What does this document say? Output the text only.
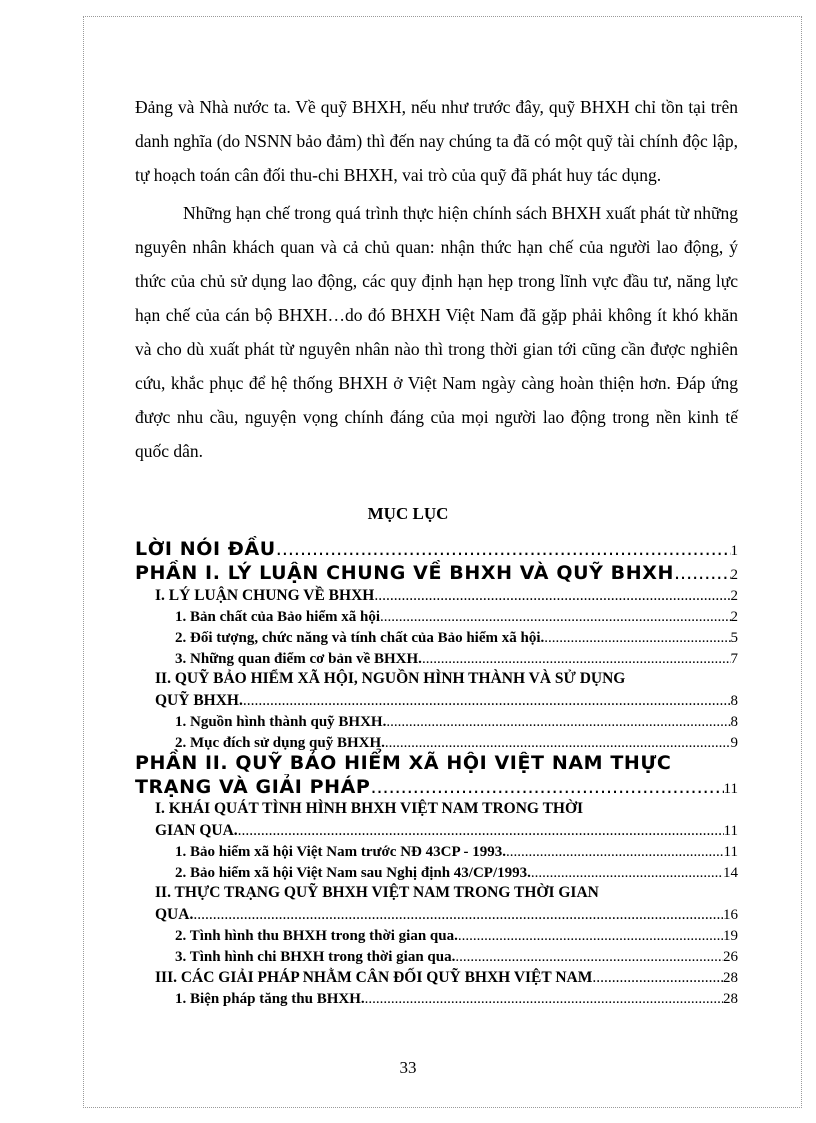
Đảng và Nhà nước ta. Về quỹ BHXH, nếu như trước đây, quỹ BHXH chỉ tồn tại trên danh nghĩa (do NSNN bảo đảm) thì đến nay chúng ta đã có một quỹ tài chính độc lập, tự hoạch toán cân đối thu-chi BHXH, vai trò của quỹ đã phát huy tác dụng.

Những hạn chế trong quá trình thực hiện chính sách BHXH xuất phát từ những nguyên nhân khách quan và cả chủ quan: nhận thức hạn chế của người lao động, ý thức của chủ sử dụng lao động, các quy định hạn hẹp trong lĩnh vực đầu tư, năng lực hạn chế của cán bộ BHXH…do đó BHXH Việt Nam đã gặp phải không ít khó khăn và cho dù xuất phát từ nguyên nhân nào thì trong thời gian tới cũng cần được nghiên cứu, khắc phục để hệ thống BHXH ở Việt Nam ngày càng hoàn thiện hơn. Đáp ứng được nhu cầu, nguyện vọng chính đáng của mọi người lao động trong nền kinh tế quốc dân.

MỤC LỤC
LỜI NÓI ĐẦU .....	1
PHẦN I. LÝ LUẬN CHUNG VỀ BHXH VÀ QUỸ BHXH .....	2
I. LÝ LUẬN CHUNG VỀ BHXH .....	2
1. Bản chất của Bảo hiểm xã hội .....	2
2. Đối tượng, chức năng và tính chất của Bảo hiểm xã hội. .....	5
3. Những quan điểm cơ bản về BHXH. .....	7
II. QUỸ BẢO HIỂM XÃ HỘI, NGUỒN HÌNH THÀNH VÀ SỬ DỤNG
QUỸ BHXH. .....	8
1. Nguồn hình thành quỹ BHXH. .....	8
2. Mục đích sử dụng quỹ BHXH. .....	9
PHẦN II. QUỸ BẢO HIỂM XÃ HỘI VIỆT NAM THỰC
TRẠNG VÀ GIẢI PHÁP .....	11
I. KHÁI QUÁT TÌNH HÌNH BHXH VIỆT NAM TRONG THỜI
GIAN QUA. .....	11
1. Bảo hiểm xã hội Việt Nam trước NĐ 43CP - 1993. .....	11
2. Bảo hiểm xã hội Việt Nam sau Nghị định 43/CP/1993. .....	14
II. THỰC TRẠNG QUỸ BHXH VIỆT NAM TRONG THỜI GIAN
QUA. .....	16
2. Tình hình thu BHXH trong thời gian qua. .....	19
3. Tình hình chi BHXH trong thời gian qua. .....	26
III. CÁC GIẢI PHÁP NHẰM CÂN ĐỐI QUỸ BHXH VIỆT NAM .....	28
1. Biện pháp tăng thu BHXH. .....	28
33
